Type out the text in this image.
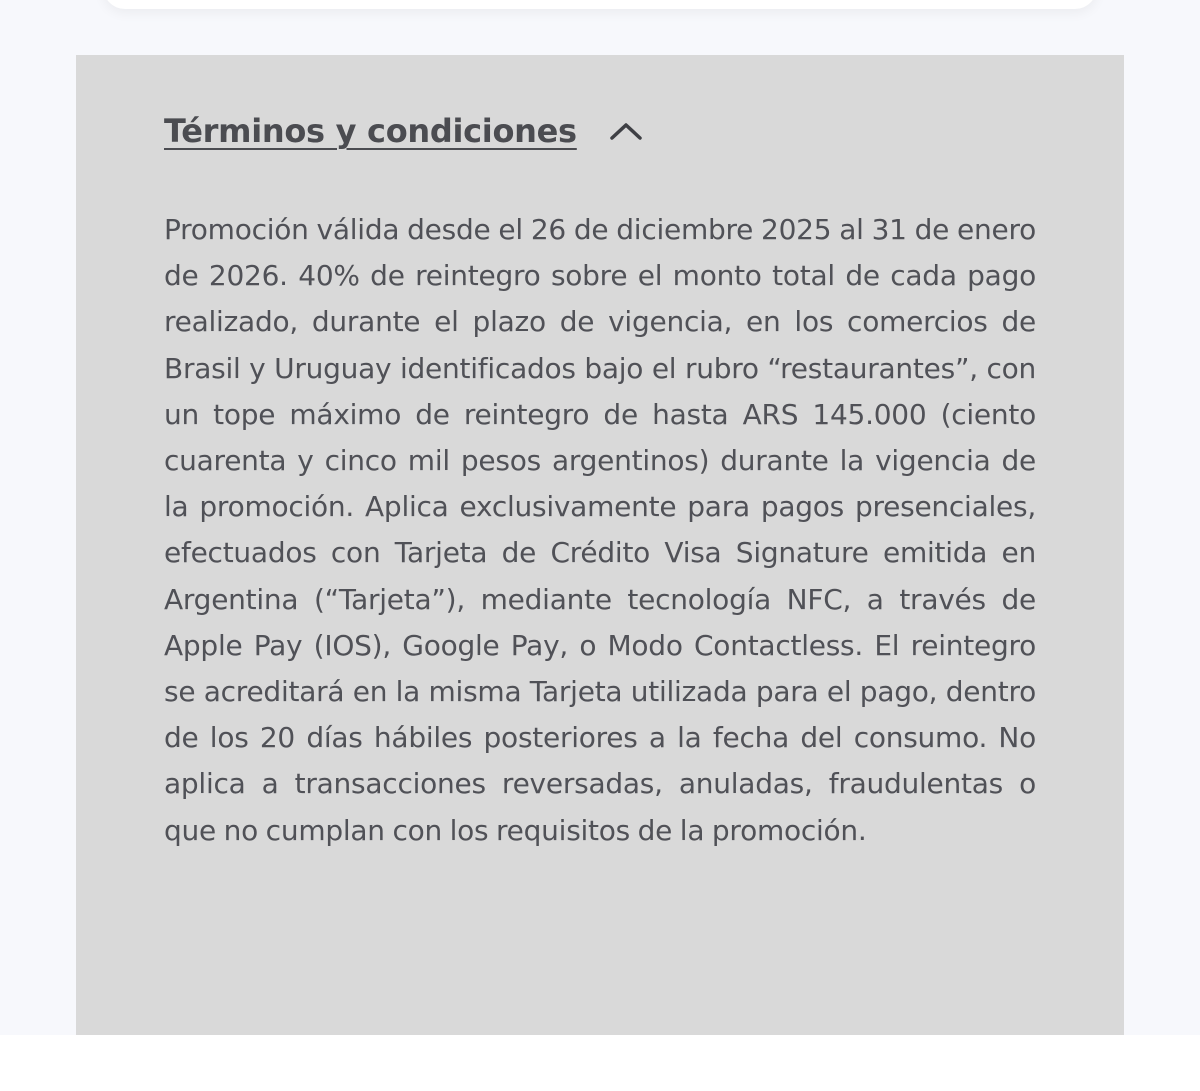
Términos y condiciones

Promoción válida desde el 26 de diciembre 2025 al 31 de enero de 2026. 40% de reintegro sobre el monto total de cada pago realizado, durante el plazo de vigencia, en los comercios de Brasil y Uruguay identificados bajo el rubro “restaurantes”, con un tope máximo de reintegro de hasta ARS 145.000 (ciento cuarenta y cinco mil pesos argentinos) durante la vigencia de la promoción. Aplica exclusivamente para pagos presenciales, efectuados con Tarjeta de Crédito Visa Signature emitida en Argentina (“Tarjeta”), mediante tecnología NFC, a través de Apple Pay (IOS), Google Pay, o Modo Contactless. El reintegro se acreditará en la misma Tarjeta utilizada para el pago, dentro de los 20 días hábiles posteriores a la fecha del consumo. No aplica a transacciones reversadas, anuladas, fraudulentas o que no cumplan con los requisitos de la promoción.
